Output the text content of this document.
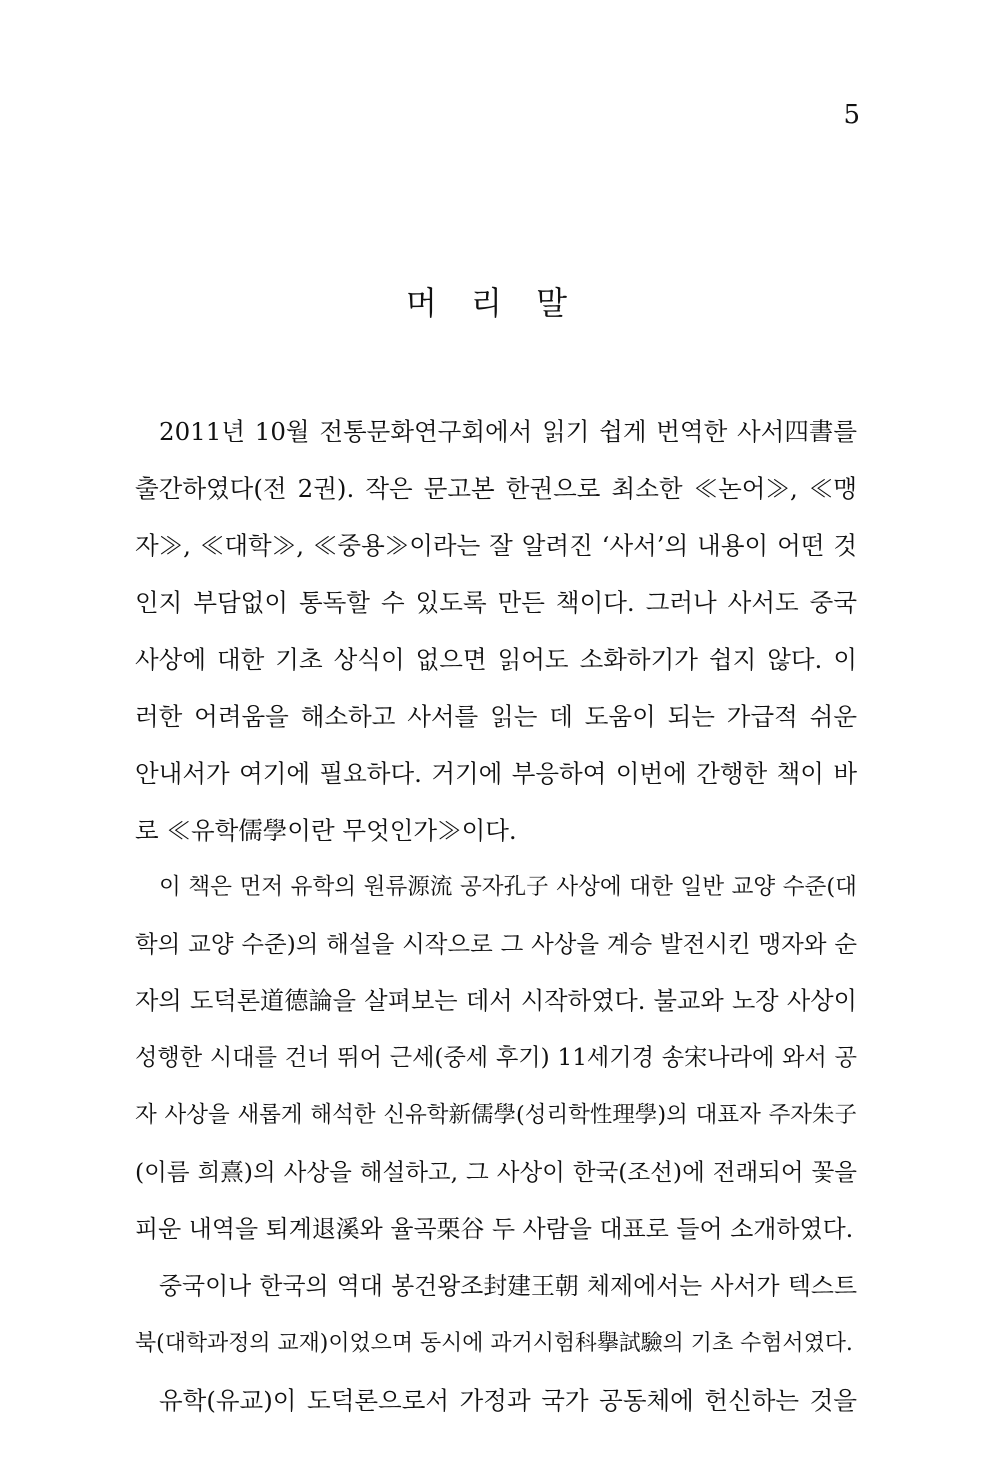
5
머 리 말
2011년 10월 전통문화연구회에서 읽기 쉽게 번역한 사서四書를
출간하였다(전 2권). 작은 문고본 한권으로 최소한 ≪논어≫, ≪맹
자≫, ≪대학≫, ≪중용≫이라는 잘 알려진 ‘사서’의 내용이 어떤 것
인지 부담없이 통독할 수 있도록 만든 책이다. 그러나 사서도 중국
사상에 대한 기초 상식이 없으면 읽어도 소화하기가 쉽지 않다. 이
러한 어려움을 해소하고 사서를 읽는 데 도움이 되는 가급적 쉬운
안내서가 여기에 필요하다. 거기에 부응하여 이번에 간행한 책이 바
로 ≪유학儒學이란 무엇인가≫이다.
이 책은 먼저 유학의 원류源流 공자孔子 사상에 대한 일반 교양 수준(대
학의 교양 수준)의 해설을 시작으로 그 사상을 계승 발전시킨 맹자와 순
자의 도덕론道德論을 살펴보는 데서 시작하였다. 불교와 노장 사상이
성행한 시대를 건너 뛰어 근세(중세 후기) 11세기경 송宋나라에 와서 공
자 사상을 새롭게 해석한 신유학新儒學(성리학性理學)의 대표자 주자朱子
(이름 희熹)의 사상을 해설하고, 그 사상이 한국(조선)에 전래되어 꽃을
피운 내역을 퇴계退溪와 율곡栗谷 두 사람을 대표로 들어 소개하였다.
중국이나 한국의 역대 봉건왕조封建王朝 체제에서는 사서가 텍스트
북(대학과정의 교재)이었으며 동시에 과거시험科擧試驗의 기초 수험서였다.
유학(유교)이 도덕론으로서 가정과 국가 공동체에 헌신하는 것을
